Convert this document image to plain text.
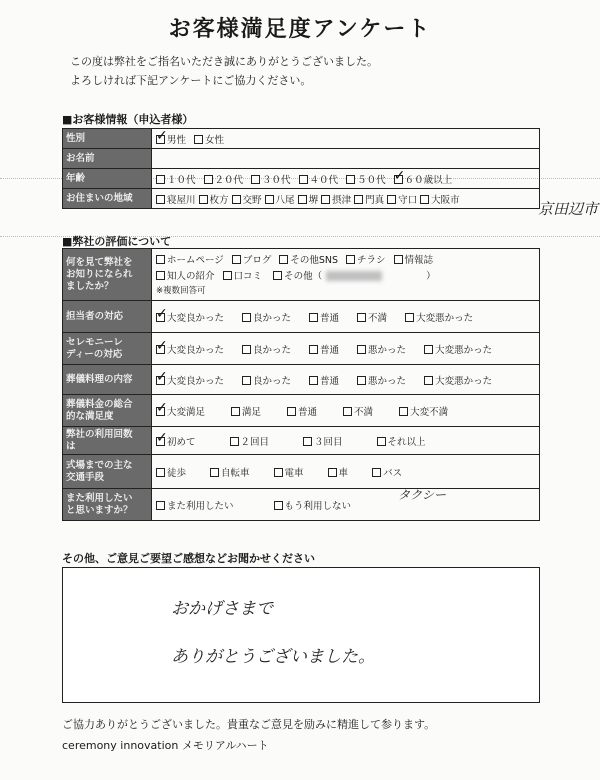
お客様満足度アンケート
この度は弊社をご指名いただき誠にありがとうございました。
よろしければ下記アンケートにご協力ください。
■お客様情報（申込者様）
性別
	✓男性 女性

お名前	

年齢	１０代 ２０代 ３０代 ４０代 ５０代 ✓ ６０歳以上

お住まいの地域	寝屋川 枚方 交野 八尾 堺 摂津 門真 守口 大阪市	京田辺市
■弊社の評価について
何を見て弊社を
お知りになられ
ましたか？	ホームページ ブログ その他SNS チラシ 情報誌
知人の紹介 口コミ その他（ ）
※複数回答可

担当者の対応
	✓大変良かった 良かった 普通 不満 大変悪かった

セレモニーレ
ディーの対応
	✓大変良かった 良かった 普通 悪かった 大変悪かった

葬儀料理の内容
	✓大変良かった 良かった 普通 悪かった 大変悪かった

葬儀料金の総合
的な満足度
	✓大変満足 満足 普通 不満 大変不満

弊社の利用回数
は
	✓初めて ２回目 ３回目 それ以上

式場までの主な
交通手段	徒歩 自転車 電車 車 バス

また利用したい
と思いますか？	また利用したい もう利用しない
タクシー
その他、ご意見ご要望ご感想などお聞かせください
おかげさまで
ありがとうございました。
ご協力ありがとうございました。貴重なご意見を励みに精進して参ります。
ceremony innovation メモリアルハート
